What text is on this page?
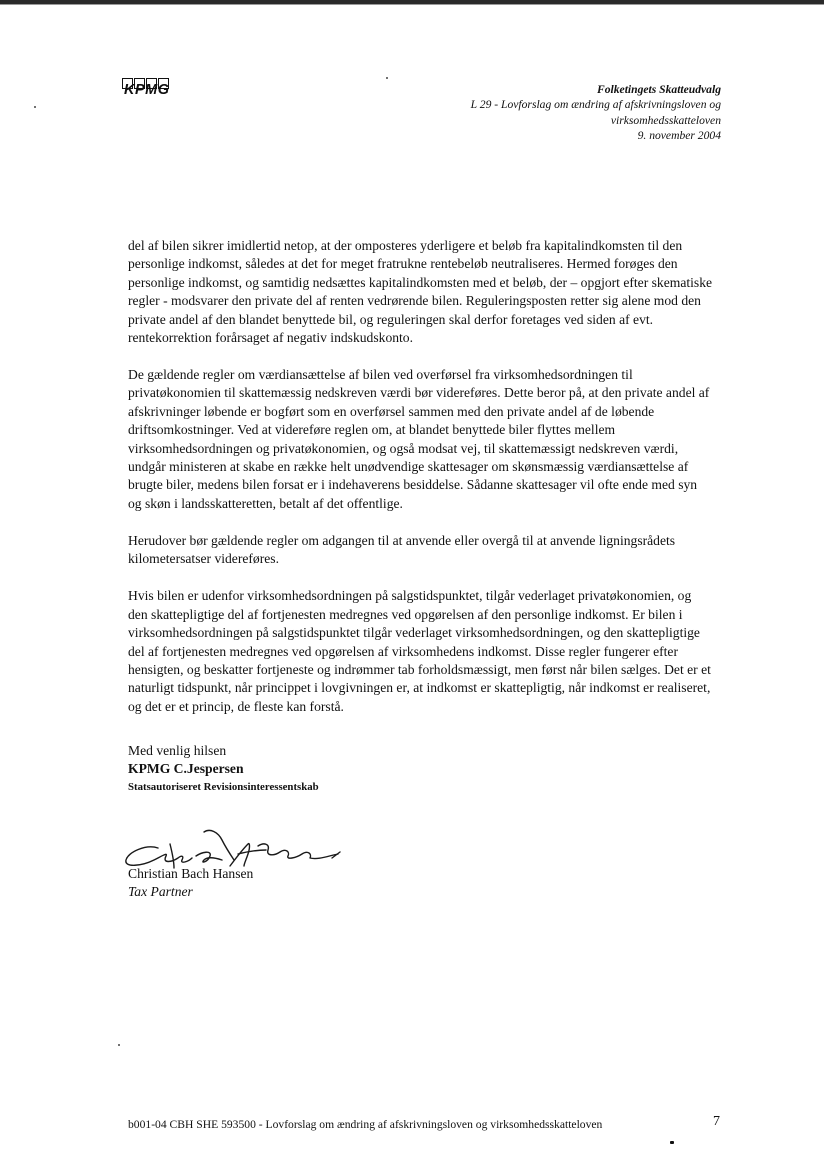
KPMG	Folketingets Skatteudvalg
L 29 - Lovforslag om ændring af afskrivningsloven og
virksomhedsskatteloven
9. november 2004

del af bilen sikrer imidlertid netop, at der omposteres yderligere et beløb fra kapitalindkomsten til den personlige indkomst, således at det for meget fratrukne rentebeløb neutraliseres. Hermed forøges den personlige indkomst, og samtidig nedsættes kapitalindkomsten med et beløb, der – opgjort efter skematiske regler - modsvarer den private del af renten vedrørende bilen. Reguleringsposten retter sig alene mod den private andel af den blandet benyttede bil, og reguleringen skal derfor foretages ved siden af evt. rentekorrektion forårsaget af negativ indskudskonto.

De gældende regler om værdiansættelse af bilen ved overførsel fra virksomhedsordningen til privatøkonomien til skattemæssig nedskreven værdi bør videreføres. Dette beror på, at den private andel af afskrivninger løbende er bogført som en overførsel sammen med den private andel af de løbende driftsomkostninger. Ved at videreføre reglen om, at blandet benyttede biler flyttes mellem virksomhedsordningen og privatøkonomien, og også modsat vej, til skattemæssigt nedskreven værdi, undgår ministeren at skabe en række helt unødvendige skattesager om skønsmæssig værdiansættelse af brugte biler, medens bilen forsat er i indehaverens besiddelse. Sådanne skattesager vil ofte ende med syn og skøn i landsskatteretten, betalt af det offentlige.

Herudover bør gældende regler om adgangen til at anvende eller overgå til at anvende ligningsrådets kilometersatser videreføres.

Hvis bilen er udenfor virksomhedsordningen på salgstidspunktet, tilgår vederlaget privatøkonomien, og den skattepligtige del af fortjenesten medregnes ved opgørelsen af den personlige indkomst. Er bilen i virksomhedsordningen på salgstidspunktet tilgår vederlaget virksomhedsordningen, og den skattepligtige del af fortjenesten medregnes ved opgørelsen af virksomhedens indkomst. Disse regler fungerer efter hensigten, og beskatter fortjeneste og indrømmer tab forholdsmæssigt, men først når bilen sælges. Det er et naturligt tidspunkt, når princippet i lovgivningen er, at indkomst er skattepligtig, når indkomst er realiseret, og det er et princip, de fleste kan forstå.

Med venlig hilsen
KPMG C.Jespersen
Statsautoriseret Revisionsinteressentskab
Christian Bach Hansen
Tax Partner
b001-04 CBH SHE 593500 - Lovforslag om ændring af afskrivningsloven og virksomhedsskatteloven	7
